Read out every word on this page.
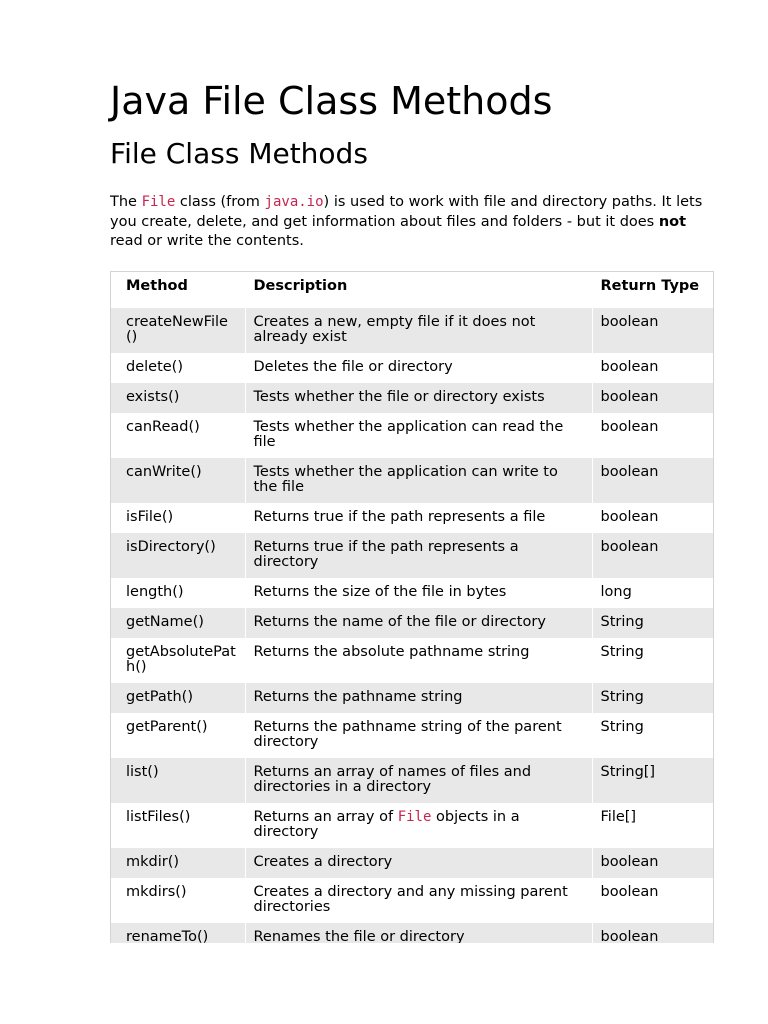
Java File Class Methods
File Class Methods

The File class (from java.io) is used to work with file and directory paths. It lets you create, delete, and get information about files and folders - but it does not read or write the contents.

Method	Description	Return Type
createNewFile()	Creates a new, empty file if it does not already exist	boolean
delete()	Deletes the file or directory	boolean
exists()	Tests whether the file or directory exists	boolean
canRead()	Tests whether the application can read the file	boolean
canWrite()	Tests whether the application can write to the file	boolean
isFile()	Returns true if the path represents a file	boolean
isDirectory()	Returns true if the path represents a directory	boolean
length()	Returns the size of the file in bytes	long
getName()	Returns the name of the file or directory	String
getAbsolutePath()	Returns the absolute pathname string	String
getPath()	Returns the pathname string	String
getParent()	Returns the pathname string of the parent directory	String
list()	Returns an array of names of files and directories in a directory	String[]
listFiles()	Returns an array of File objects in a directory	File[]
mkdir()	Creates a directory	boolean
mkdirs()	Creates a directory and any missing parent directories	boolean
renameTo()	Renames the file or directory	boolean
